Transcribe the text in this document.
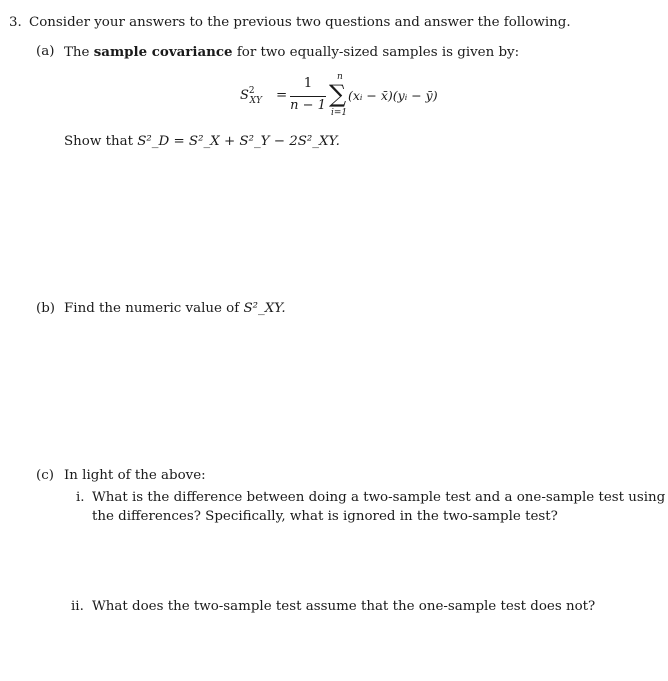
3. Consider your answers to the previous two questions and answer the following.
(a) The sample covariance for two equally-sized samples is given by:
$S^2_{XY}$	=
1
n − 1
n
∑
i=1
(xᵢ − x̄)(yᵢ − ȳ)
Show that S²_D = S²_X + S²_Y − 2S²_XY.
(b) Find the numeric value of S²_XY.
(c) In light of the above:
i. What is the difference between doing a two-sample test and a one-sample test using
the differences? Specifically, what is ignored in the two-sample test?
ii. What does the two-sample test assume that the one-sample test does not?
